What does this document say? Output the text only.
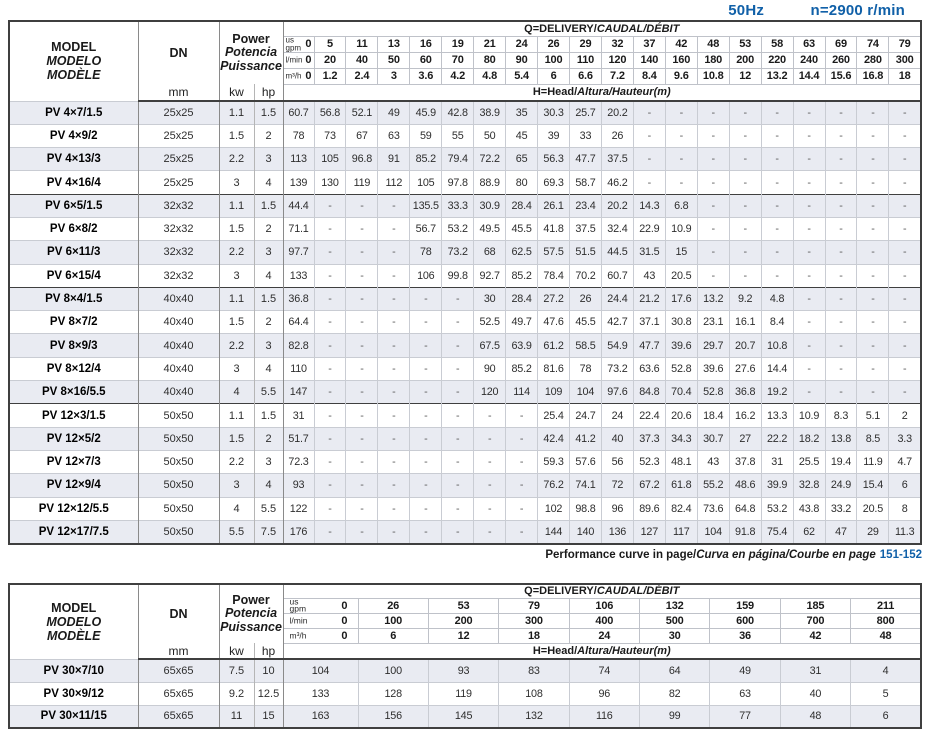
50Hz	n=2900 r/min
MODEL
MODELO
MODÈLE
	DN	
Power
Potencia
Puissance
	Q=DELIVERY/CAUDAL/DÉBIT

				us
gpm 0	5	11	13	16	19	21	24	26	29	32	37	42	48	53	58	63	69	74	79

				l/min 0	20	40	50	60	70	80	90	100	110	120	140	160	180	200	220	240	260	280	300

				m³/h 0	1.2	2.4	3	3.6	4.2	4.8	5.4	6	6.6	7.2	8.4	9.6	10.8	12	13.2	14.4	15.6	16.8	18
	mm	kw	hp	H=Head/Altura/Hauteur(m)																			
PV 4×7/1.5	25x25	1.1	1.5	60.7	56.8	52.1	49	45.9	42.8	38.9	35	30.3	25.7	20.2	-	-	-	-	-	-	-	-	-
PV 4×9/2	25x25	1.5	2	78	73	67	63	59	55	50	45	39	33	26	-	-	-	-	-	-	-	-	-
PV 4×13/3	25x25	2.2	3	113	105	96.8	91	85.2	79.4	72.2	65	56.3	47.7	37.5	-	-	-	-	-	-	-	-	-
PV 4×16/4	25x25	3	4	139	130	119	112	105	97.8	88.9	80	69.3	58.7	46.2	-	-	-	-	-	-	-	-	-
PV 6×5/1.5	32x32	1.1	1.5	44.4	-	-	-	135.5	33.3	30.9	28.4	26.1	23.4	20.2	14.3	6.8	-	-	-	-	-	-	-
PV 6×8/2	32x32	1.5	2	71.1	-	-	-	56.7	53.2	49.5	45.5	41.8	37.5	32.4	22.9	10.9	-	-	-	-	-	-	-
PV 6×11/3	32x32	2.2	3	97.7	-	-	-	78	73.2	68	62.5	57.5	51.5	44.5	31.5	15	-	-	-	-	-	-	-
PV 6×15/4	32x32	3	4	133	-	-	-	106	99.8	92.7	85.2	78.4	70.2	60.7	43	20.5	-	-	-	-	-	-	-
PV 8×4/1.5	40x40	1.1	1.5	36.8	-	-	-	-	-	30	28.4	27.2	26	24.4	21.2	17.6	13.2	9.2	4.8	-	-	-	-
PV 8×7/2	40x40	1.5	2	64.4	-	-	-	-	-	52.5	49.7	47.6	45.5	42.7	37.1	30.8	23.1	16.1	8.4	-	-	-	-
PV 8×9/3	40x40	2.2	3	82.8	-	-	-	-	-	67.5	63.9	61.2	58.5	54.9	47.7	39.6	29.7	20.7	10.8	-	-	-	-
PV 8×12/4	40x40	3	4	110	-	-	-	-	-	90	85.2	81.6	78	73.2	63.6	52.8	39.6	27.6	14.4	-	-	-	-
PV 8×16/5.5	40x40	4	5.5	147	-	-	-	-	-	120	114	109	104	97.6	84.8	70.4	52.8	36.8	19.2	-	-	-	-
PV 12×3/1.5	50x50	1.1	1.5	31	-	-	-	-	-	-	-	25.4	24.7	24	22.4	20.6	18.4	16.2	13.3	10.9	8.3	5.1	2
PV 12×5/2	50x50	1.5	2	51.7	-	-	-	-	-	-	-	42.4	41.2	40	37.3	34.3	30.7	27	22.2	18.2	13.8	8.5	3.3
PV 12×7/3	50x50	2.2	3	72.3	-	-	-	-	-	-	-	59.3	57.6	56	52.3	48.1	43	37.8	31	25.5	19.4	11.9	4.7
PV 12×9/4	50x50	3	4	93	-	-	-	-	-	-	-	76.2	74.1	72	67.2	61.8	55.2	48.6	39.9	32.8	24.9	15.4	6
PV 12×12/5.5	50x50	4	5.5	122	-	-	-	-	-	-	-	102	98.8	96	89.6	82.4	73.6	64.8	53.2	43.8	33.2	20.5	8
PV 12×17/7.5	50x50	5.5	7.5	176	-	-	-	-	-	-	-	144	140	136	127	117	104	91.8	75.4	62	47	29	11.3
Performance curve in page/Curva en página/Courbe en page 151-152
MODEL
MODELO
MODÈLE
	DN	
Power
Potencia
Puissance
	Q=DELIVERY/CAUDAL/DÉBIT

				us
gpm 0	26	53	79	106	132	159	185	211

				l/min 0	100	200	300	400	500	600	700	800

				m³/h 0	6	12	18	24	30	36	42	48
	mm	kw	hp	H=Head/Altura/Hauteur(m)								
PV 30×7/10	65x65	7.5	10	104	100	93	83	74	64	49	31	4
PV 30×9/12	65x65	9.2	12.5	133	128	119	108	96	82	63	40	5
PV 30×11/15	65x65	11	15	163	156	145	132	116	99	77	48	6
